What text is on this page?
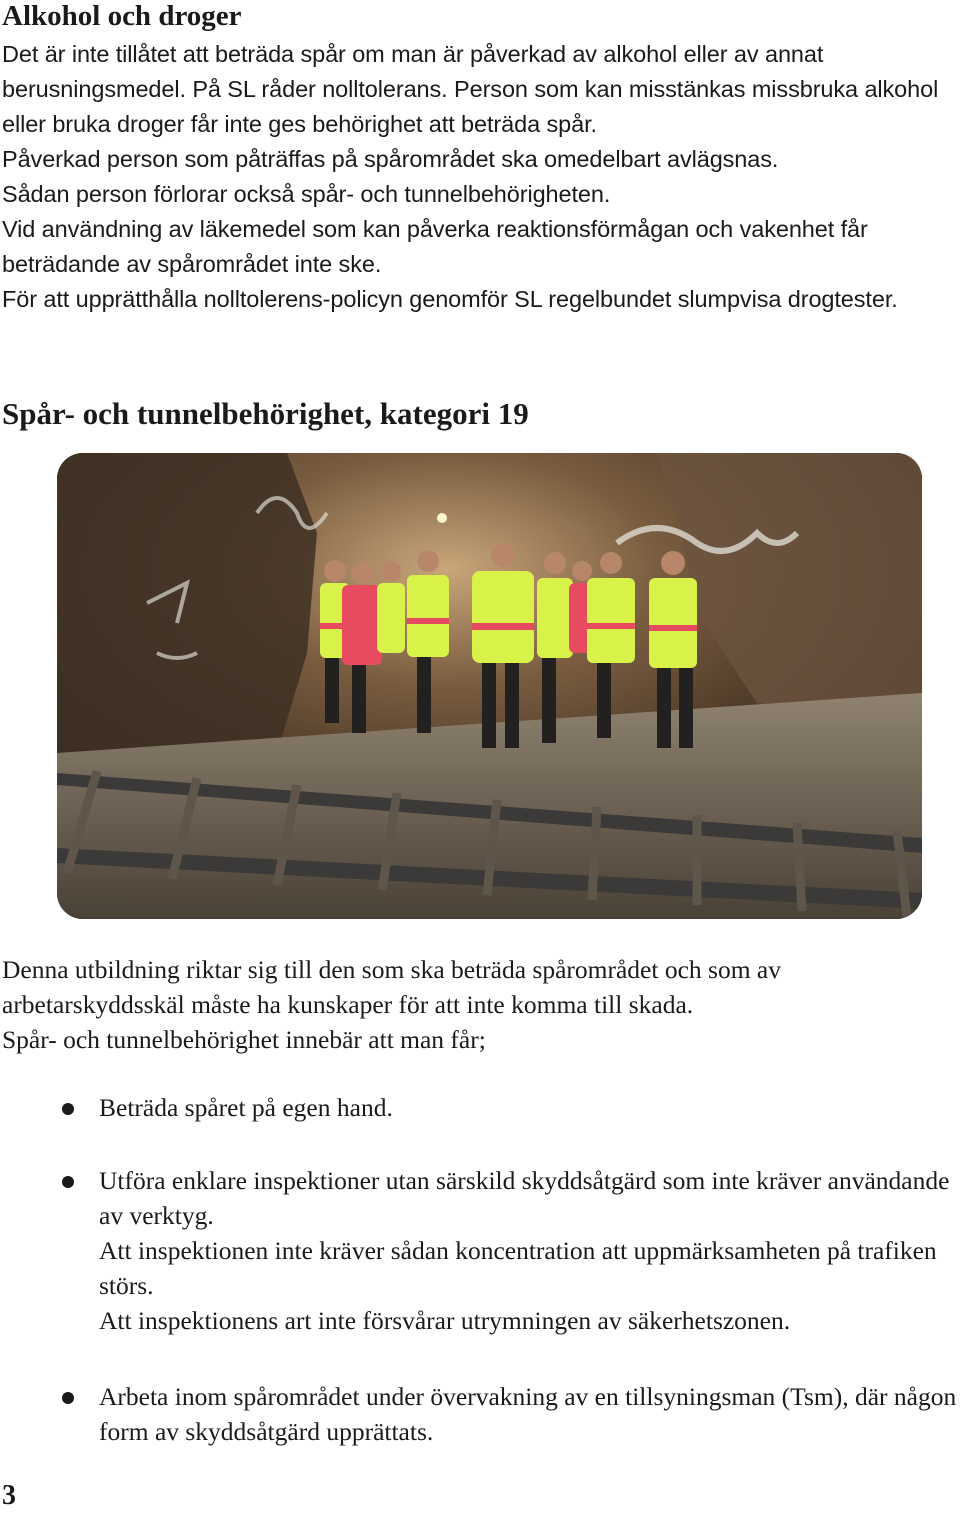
Alkohol och droger

Det är inte tillåtet att beträda spår om man är påverkad av alkohol eller av annat berusningsmedel. På SL råder nolltolerans. Person som kan misstänkas missbruka alkohol eller bruka droger får inte ges behörighet att beträda spår.

Påverkad person som påträffas på spårområdet ska omedelbart avlägsnas.

Sådan person förlorar också spår- och tunnelbehörigheten.

Vid användning av läkemedel som kan påverka reaktionsförmågan och vakenhet får beträdande av spårområdet inte ske.

För att upprätthålla nolltolerens-policyn genomför SL regelbundet slumpvisa drogtester.

Spår- och tunnelbehörighet, kategori 19

Denna utbildning riktar sig till den som ska beträda spårområdet och som av arbetarskyddsskäl måste ha kunskaper för att inte komma till skada.

Spår- och tunnelbehörighet innebär att man får;

Beträda spåret på egen hand.

Utföra enklare inspektioner utan särskild skyddsåtgärd som inte kräver användande av verktyg.

Att inspektionen inte kräver sådan koncentration att uppmärksamheten på trafiken störs.

Att inspektionens art inte försvårar utrymningen av säkerhetszonen.

Arbeta inom spårområdet under övervakning av en tillsyningsman (Tsm), där någon form av skyddsåtgärd upprättats.

3
